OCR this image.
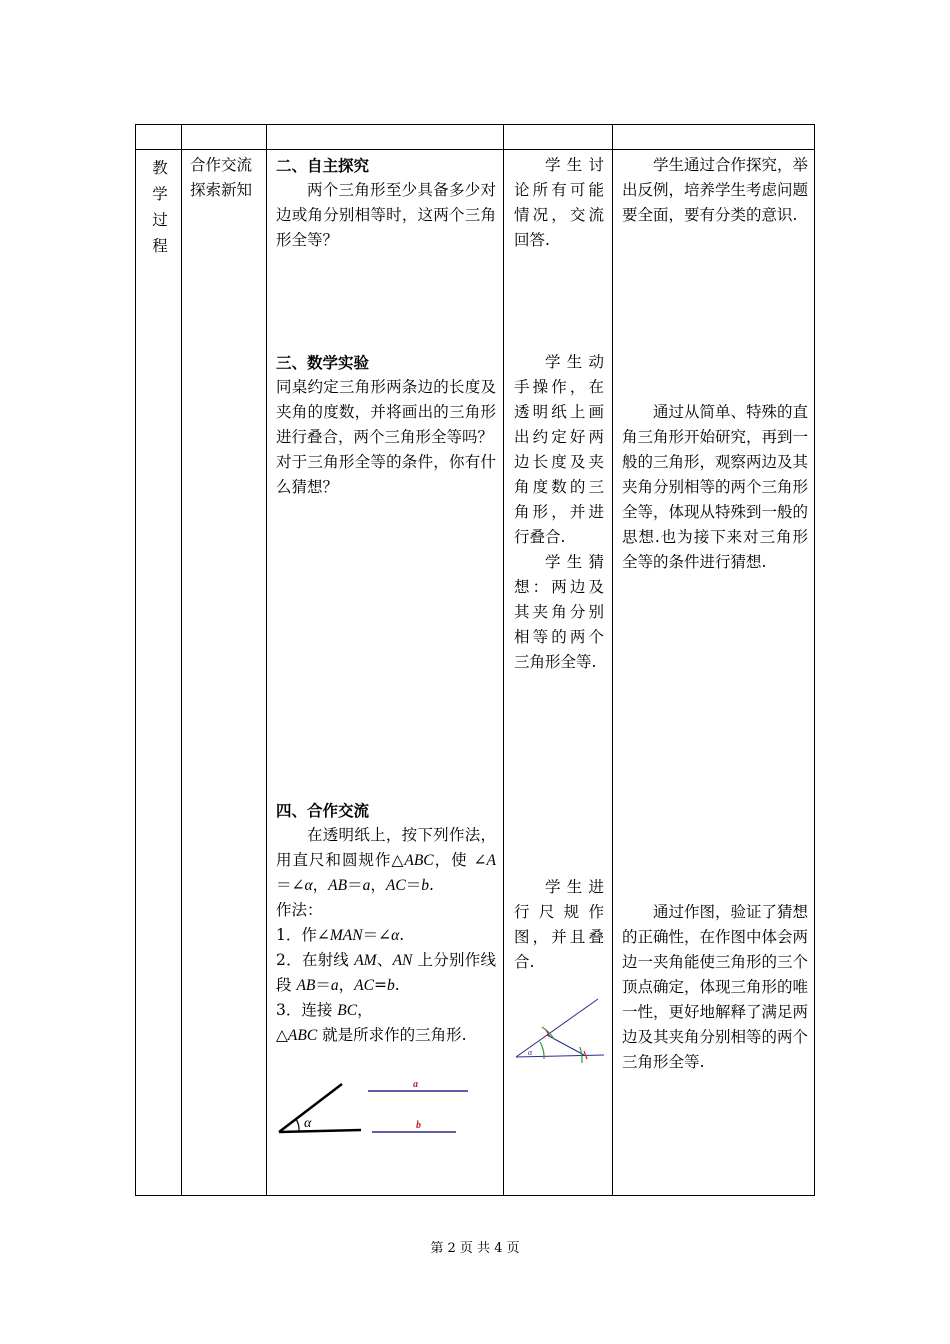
教学过程

合作交流

探索新知

二、自主探究

两个三角形至少具备多少对 边或角分别相等时，这两个三角形全等？

三、数学实验

同桌约定三角形两条边的长度及夹角的度数，并将画出的三角形进行叠合，两个三角形全等吗？

对于三角形全等的条件，你有什么猜想？

四、合作交流

在透明纸上，按下列作法，用直尺和圆规作△ABC，使 ∠A＝∠α，AB＝a，AC＝b.

作法：

1．作∠MAN＝∠α.

2．在射线 AM、AN 上分别作线段 AB＝a，AC=b.

3．连接 BC，

△ABC 就是所求作的三角形.

α
a
b

学生讨论所有可能情况，交流回答.

学生动手操作，在透明纸上画出约定好两边长度及夹角度数的三角形，并进行叠合.

学生猜想：两边及其夹角分别相等的两个三角形全等.

学生进行尺规作图，并且叠合.

α

学生通过合作探究，举出反例，培养学生考虑问题要全面，要有分类的意识.

通过从简单、特殊的直角三角形开始研究，再到一般的三角形，观察两边及其夹角分别相等的两个三角形全等，体现从特殊到一般的思想.也为接下来对三角形全等的条件进行猜想.

通过作图，验证了猜想的正确性，在作图中体会两边一夹角能使三角形的三个顶点确定，体现三角形的唯一性，更好地解释了满足两边及其夹角分别相等的两个三角形全等.

第 2 页 共 4 页
